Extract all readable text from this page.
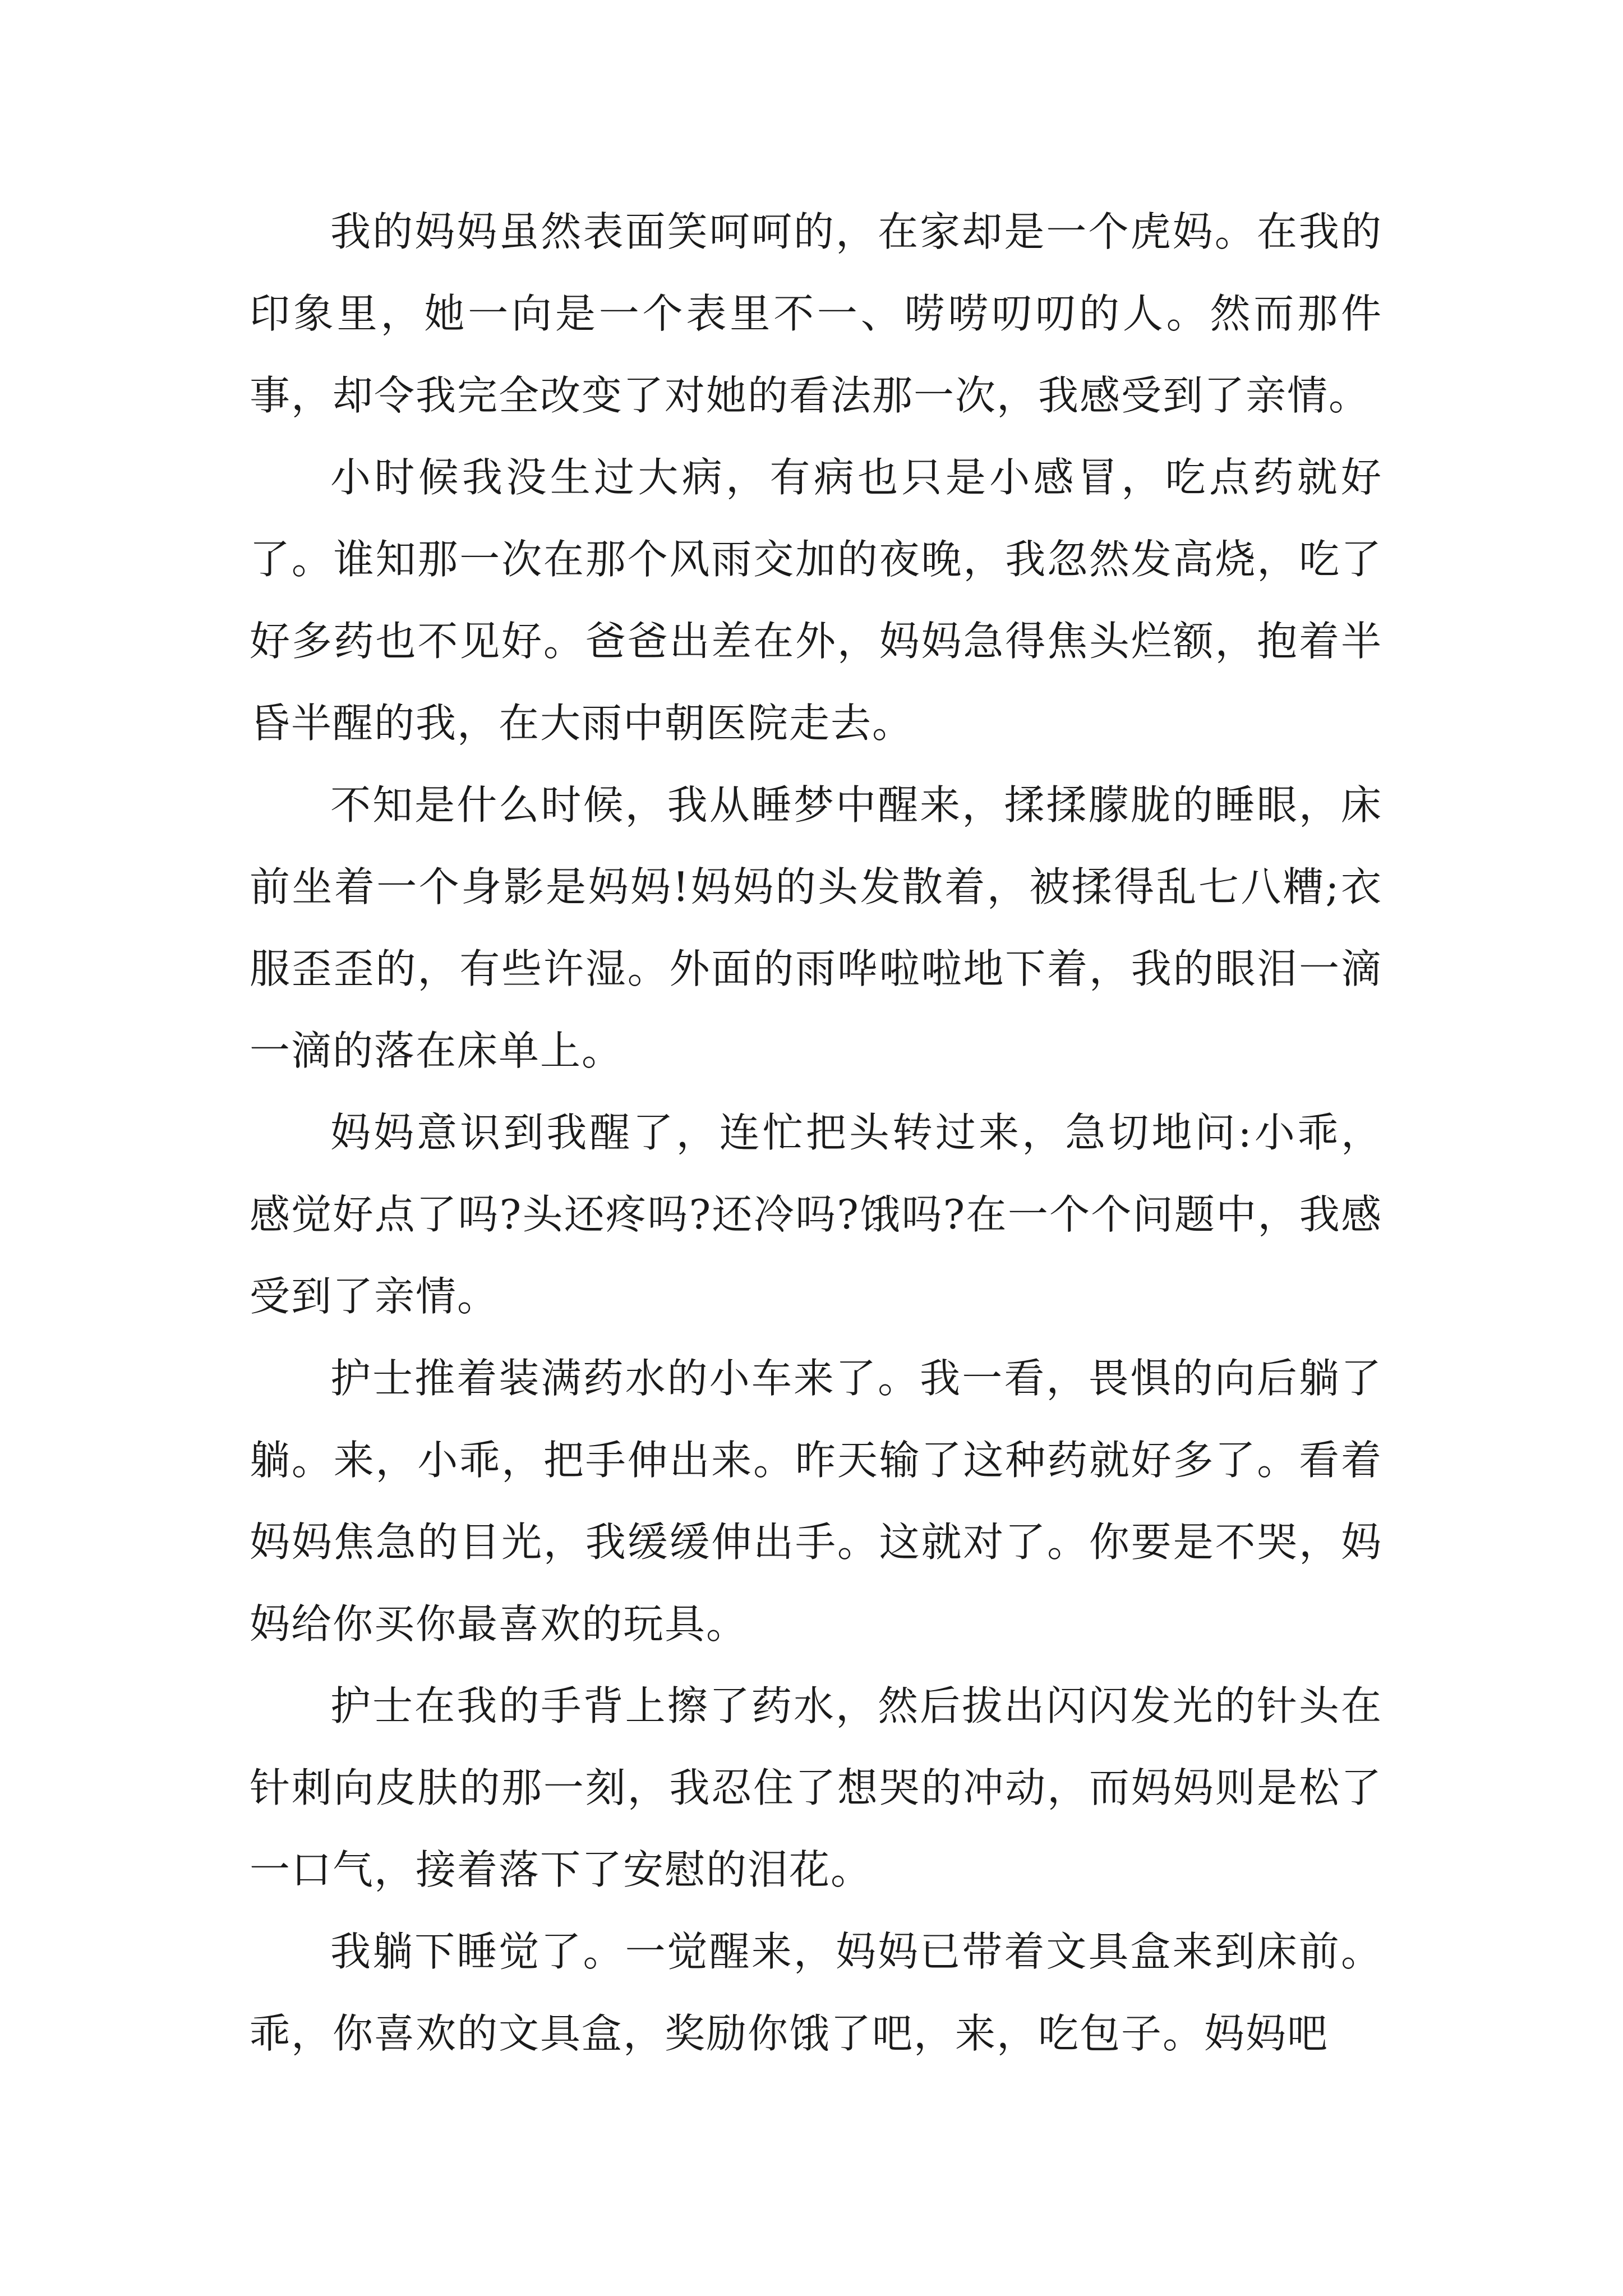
我的妈妈虽然表面笑呵呵的，在家却是一个虎妈。在我的印象里，她一向是一个表里不一、唠唠叨叨的人。然而那件事，却令我完全改变了对她的看法那一次，我感受到了亲情。

小时候我没生过大病，有病也只是小感冒，吃点药就好了。谁知那一次在那个风雨交加的夜晚，我忽然发高烧，吃了好多药也不见好。爸爸出差在外，妈妈急得焦头烂额，抱着半昏半醒的我，在大雨中朝医院走去。

不知是什么时候，我从睡梦中醒来，揉揉朦胧的睡眼，床前坐着一个身影是妈妈!妈妈的头发散着，被揉得乱七八糟;衣服歪歪的，有些许湿。外面的雨哗啦啦地下着，我的眼泪一滴一滴的落在床单上。

妈妈意识到我醒了，连忙把头转过来，急切地问:小乖，感觉好点了吗?头还疼吗?还冷吗?饿吗?在一个个问题中，我感受到了亲情。

护士推着装满药水的小车来了。我一看，畏惧的向后躺了躺。来，小乖，把手伸出来。昨天输了这种药就好多了。看着妈妈焦急的目光，我缓缓伸出手。这就对了。你要是不哭，妈妈给你买你最喜欢的玩具。

护士在我的手背上擦了药水，然后拔出闪闪发光的针头在针刺向皮肤的那一刻，我忍住了想哭的冲动，而妈妈则是松了一口气，接着落下了安慰的泪花。

我躺下睡觉了。一觉醒来，妈妈已带着文具盒来到床前。乖，你喜欢的文具盒，奖励你饿了吧，来，吃包子。妈妈吧
